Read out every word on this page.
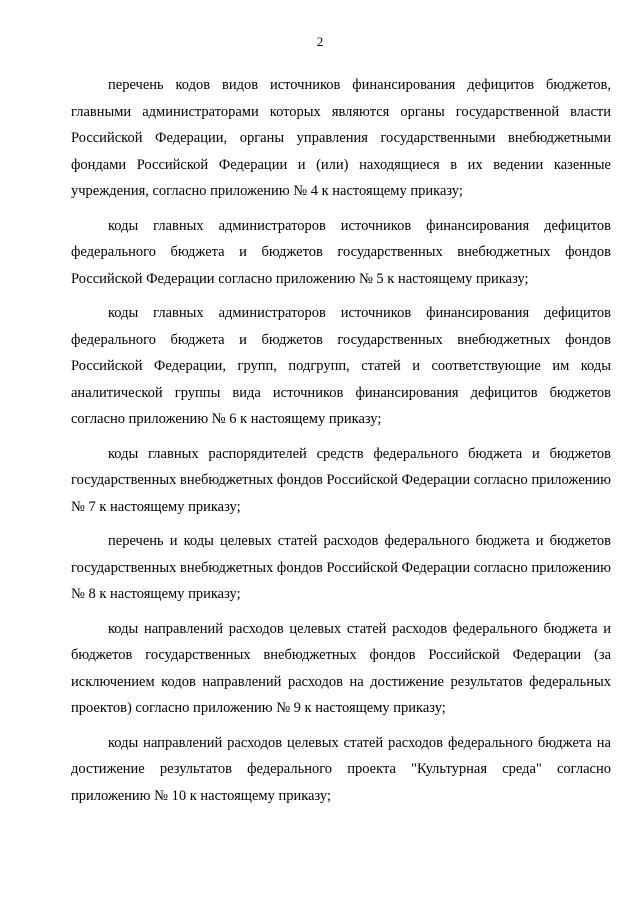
2

перечень кодов видов источников финансирования дефицитов бюджетов, главными администраторами которых являются органы государственной власти Российской Федерации, органы управления государственными внебюджетными фондами Российской Федерации и (или) находящиеся в их ведении казенные учреждения, согласно приложению № 4 к настоящему приказу;

коды главных администраторов источников финансирования дефицитов федерального бюджета и бюджетов государственных внебюджетных фондов Российской Федерации согласно приложению № 5 к настоящему приказу;

коды главных администраторов источников финансирования дефицитов федерального бюджета и бюджетов государственных внебюджетных фондов Российской Федерации, групп, подгрупп, статей и соответствующие им коды аналитической группы вида источников финансирования дефицитов бюджетов согласно приложению № 6 к настоящему приказу;

коды главных распорядителей средств федерального бюджета и бюджетов государственных внебюджетных фондов Российской Федерации согласно приложению № 7 к настоящему приказу;

перечень и коды целевых статей расходов федерального бюджета и бюджетов государственных внебюджетных фондов Российской Федерации согласно приложению № 8 к настоящему приказу;

коды направлений расходов целевых статей расходов федерального бюджета и бюджетов государственных внебюджетных фондов Российской Федерации (за исключением кодов направлений расходов на достижение результатов федеральных проектов) согласно приложению № 9 к настоящему приказу;

коды направлений расходов целевых статей расходов федерального бюджета на достижение результатов федерального проекта "Культурная среда" согласно приложению № 10 к настоящему приказу;
